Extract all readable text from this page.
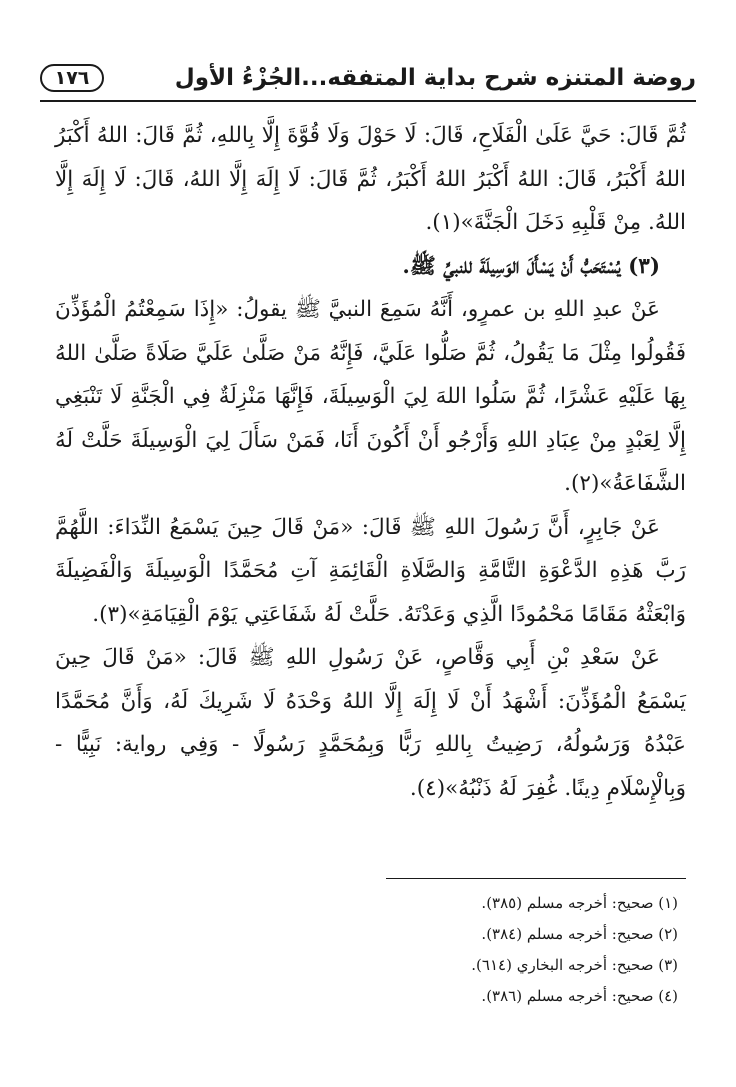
روضة المتنزه شرح بداية المتفقه...الجُزْءُ الأول
١٧٦

ثُمَّ قَالَ: حَيَّ عَلَىٰ الْفَلَاحِ، قَالَ: لَا حَوْلَ وَلَا قُوَّةَ إِلَّا بِاللهِ، ثُمَّ قَالَ: اللهُ أَكْبَرُ اللهُ أَكْبَرُ، قَالَ: اللهُ أَكْبَرُ اللهُ أَكْبَرُ، ثُمَّ قَالَ: لَا إِلَهَ إِلَّا اللهُ، قَالَ: لَا إِلَهَ إِلَّا اللهُ. مِنْ قَلْبِهِ دَخَلَ الْجَنَّةَ»(١).

(٣) يُسْتَحَبُّ أَنْ يَسْأَلَ الوَسِيلَةَ للنبيِّ ﷺ.

عَنْ عبدِ اللهِ بن عمرٍو، أَنَّهُ سَمِعَ النبيَّ ﷺ يقولُ: «إِذَا سَمِعْتُمُ الْمُؤَذِّنَ فَقُولُوا مِثْلَ مَا يَقُولُ، ثُمَّ صَلُّوا عَلَيَّ، فَإِنَّهُ مَنْ صَلَّىٰ عَلَيَّ صَلَاةً صَلَّىٰ اللهُ بِهَا عَلَيْهِ عَشْرًا، ثُمَّ سَلُوا اللهَ لِيَ الْوَسِيلَةَ، فَإِنَّهَا مَنْزِلَةٌ فِي الْجَنَّةِ لَا تَنْبَغِي إِلَّا لِعَبْدٍ مِنْ عِبَادِ اللهِ وَأَرْجُو أَنْ أَكُونَ أَنَا، فَمَنْ سَأَلَ لِيَ الْوَسِيلَةَ حَلَّتْ لَهُ الشَّفَاعَةُ»(٢).

عَنْ جَابِرٍ، أَنَّ رَسُولَ اللهِ ﷺ قَالَ: «مَنْ قَالَ حِينَ يَسْمَعُ النِّدَاءَ: اللَّهُمَّ رَبَّ هَذِهِ الدَّعْوَةِ التَّامَّةِ وَالصَّلَاةِ الْقَائِمَةِ آتِ مُحَمَّدًا الْوَسِيلَةَ وَالْفَضِيلَةَ وَابْعَثْهُ مَقَامًا مَحْمُودًا الَّذِي وَعَدْتَهُ. حَلَّتْ لَهُ شَفَاعَتِي يَوْمَ الْقِيَامَةِ»(٣).

عَنْ سَعْدِ بْنِ أَبِي وَقَّاصٍ، عَنْ رَسُولِ اللهِ ﷺ قَالَ: «مَنْ قَالَ حِينَ يَسْمَعُ الْمُؤَذِّنَ: أَشْهَدُ أَنْ لَا إِلَهَ إِلَّا اللهُ وَحْدَهُ لَا شَرِيكَ لَهُ، وَأَنَّ مُحَمَّدًا عَبْدُهُ وَرَسُولُهُ، رَضِيتُ بِاللهِ رَبًّا وَبِمُحَمَّدٍ رَسُولًا - وَفِي رواية: نَبِيًّا - وَبِالْإِسْلَامِ دِينًا. غُفِرَ لَهُ ذَنْبُهُ»(٤).

(١) صحيح: أخرجه مسلم (٣٨٥).

(٢) صحيح: أخرجه مسلم (٣٨٤).

(٣) صحيح: أخرجه البخاري (٦١٤).

(٤) صحيح: أخرجه مسلم (٣٨٦).
